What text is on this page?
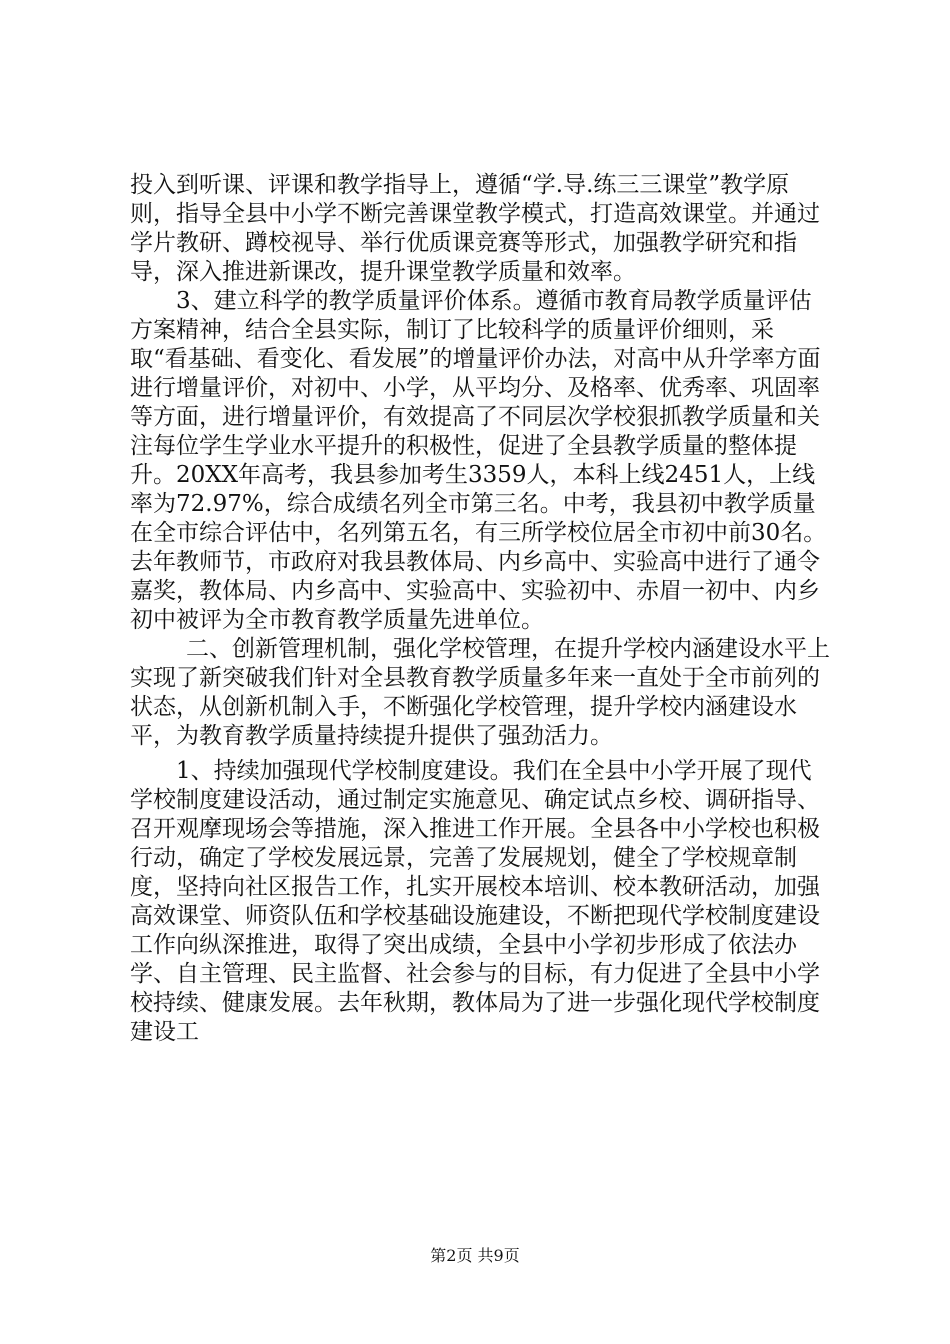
投入到听课、评课和教学指导上，遵循“学.导.练三三课堂”教学原则，指导全县中小学不断完善课堂教学模式，打造高效课堂。并通过学片教研、蹲校视导、举行优质课竞赛等形式，加强教学研究和指导，深入推进新课改，提升课堂教学质量和效率。

3、建立科学的教学质量评价体系。遵循市教育局教学质量评估方案精神，结合全县实际，制订了比较科学的质量评价细则，采取“看基础、看变化、看发展”的增量评价办法，对高中从升学率方面进行增量评价，对初中、小学，从平均分、及格率、优秀率、巩固率等方面，进行增量评价，有效提高了不同层次学校狠抓教学质量和关注每位学生学业水平提升的积极性，促进了全县教学质量的整体提升。20XX年高考，我县参加考生3359人，本科上线2451人，上线率为72.97%，综合成绩名列全市第三名。中考，我县初中教学质量在全市综合评估中，名列第五名，有三所学校位居全市初中前30名。去年教师节，市政府对我县教体局、内乡高中、实验高中进行了通令嘉奖，教体局、内乡高中、实验高中、实验初中、赤眉一初中、内乡初中被评为全市教育教学质量先进单位。

二、创新管理机制，强化学校管理，在提升学校内涵建设水平上实现了新突破我们针对全县教育教学质量多年来一直处于全市前列的状态，从创新机制入手，不断强化学校管理，提升学校内涵建设水平，为教育教学质量持续提升提供了强劲活力。

1、持续加强现代学校制度建设。我们在全县中小学开展了现代学校制度建设活动，通过制定实施意见、确定试点乡校、调研指导、召开观摩现场会等措施，深入推进工作开展。全县各中小学校也积极行动，确定了学校发展远景，完善了发展规划，健全了学校规章制度，坚持向社区报告工作，扎实开展校本培训、校本教研活动，加强高效课堂、师资队伍和学校基础设施建设，不断把现代学校制度建设工作向纵深推进，取得了突出成绩，全县中小学初步形成了依法办学、自主管理、民主监督、社会参与的目标，有力促进了全县中小学校持续、健康发展。去年秋期，教体局为了进一步强化现代学校制度建设工

第2页 共9页
